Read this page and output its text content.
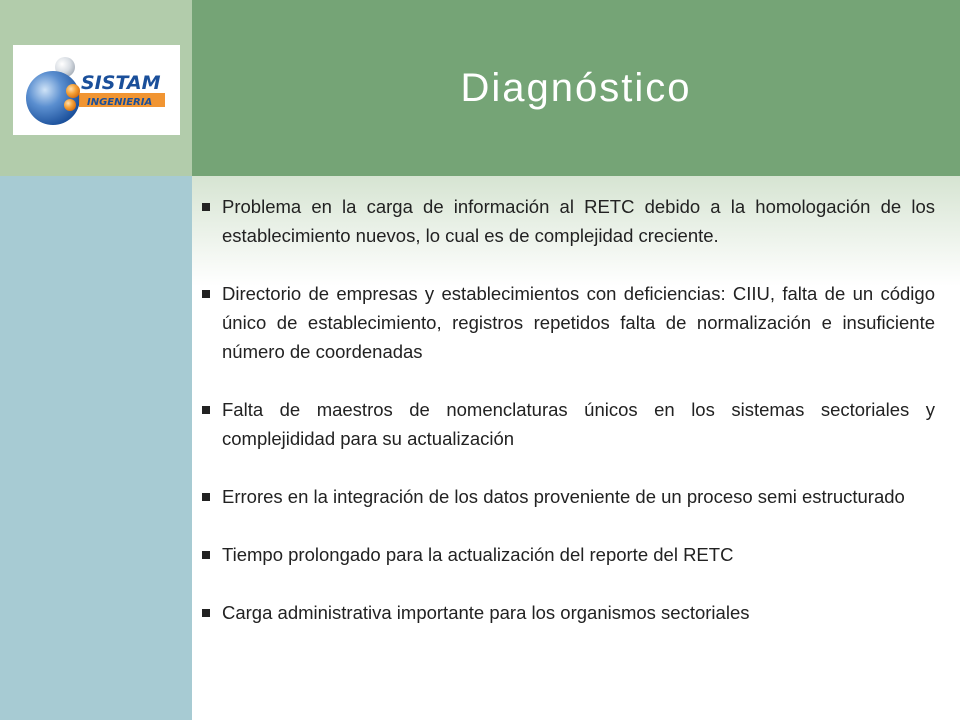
SISTAM
INGENIERIA	Diagnóstico
Problema en la carga de información al RETC debido a la homologación de los establecimiento nuevos, lo cual es de complejidad creciente.
Directorio de empresas y establecimientos con deficiencias: CIIU, falta de un código único de establecimiento, registros repetidos falta de normalización e insuficiente número de coordenadas
Falta de maestros de nomenclaturas únicos en los sistemas sectoriales y complejididad para su actualización
Errores en la integración de los datos proveniente de un proceso semi estructurado
Tiempo prolongado para la actualización del reporte del RETC
Carga administrativa importante para los organismos sectoriales
